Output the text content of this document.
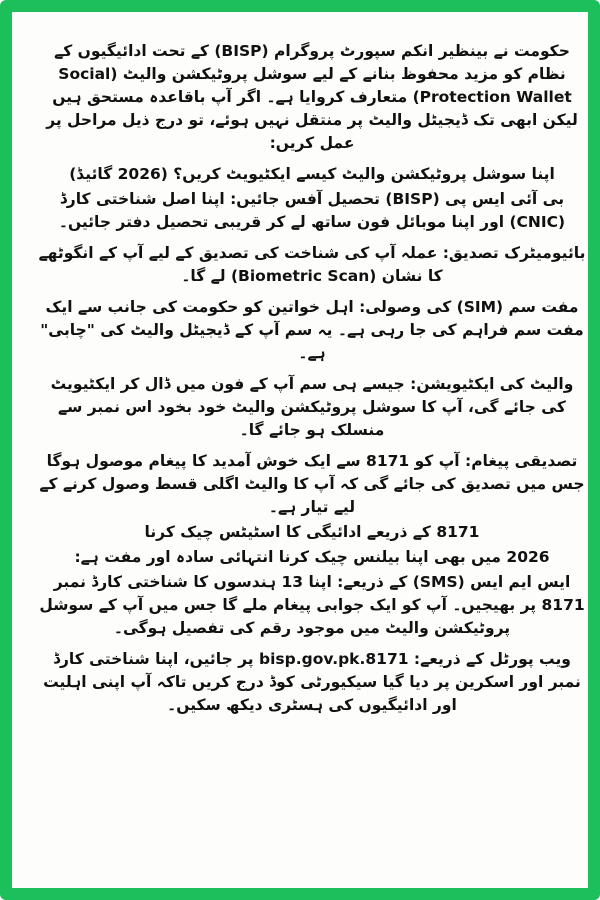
حکومت نے بینظیر انکم سپورٹ پروگرام (BISP) کے تحت ادائیگیوں کے نظام کو مزید محفوظ بنانے کے لیے سوشل پروٹیکشن والیٹ (Social Protection Wallet) متعارف کروایا ہے۔ اگر آپ باقاعدہ مستحق ہیں لیکن ابھی تک ڈیجیٹل والیٹ پر منتقل نہیں ہوئے، تو درج ذیل مراحل پر عمل کریں:

اپنا سوشل پروٹیکشن والیٹ کیسے ایکٹیویٹ کریں؟ (2026 گائیڈ)

بی آئی ایس پی (BISP) تحصیل آفس جائیں: اپنا اصل شناختی کارڈ (CNIC) اور اپنا موبائل فون ساتھ لے کر قریبی تحصیل دفتر جائیں۔

بائیومیٹرک تصدیق: عملہ آپ کی شناخت کی تصدیق کے لیے آپ کے انگوٹھے کا نشان (Biometric Scan) لے گا۔

مفت سم (SIM) کی وصولی: اہل خواتین کو حکومت کی جانب سے ایک مفت سم فراہم کی جا رہی ہے۔ یہ سم آپ کے ڈیجیٹل والیٹ کی "چابی" ہے۔

والیٹ کی ایکٹیویشن: جیسے ہی سم آپ کے فون میں ڈال کر ایکٹیویٹ کی جائے گی، آپ کا سوشل پروٹیکشن والیٹ خود بخود اس نمبر سے منسلک ہو جائے گا۔

تصدیقی پیغام: آپ کو 8171 سے ایک خوش آمدید کا پیغام موصول ہوگا جس میں تصدیق کی جائے گی کہ آپ کا والیٹ اگلی قسط وصول کرنے کے لیے تیار ہے۔

8171 کے ذریعے ادائیگی کا اسٹیٹس چیک کرنا

2026 میں بھی اپنا بیلنس چیک کرنا انتہائی سادہ اور مفت ہے:

ایس ایم ایس (SMS) کے ذریعے: اپنا 13 ہندسوں کا شناختی کارڈ نمبر 8171 پر بھیجیں۔ آپ کو ایک جوابی پیغام ملے گا جس میں آپ کے سوشل پروٹیکشن والیٹ میں موجود رقم کی تفصیل ہوگی۔

ویب پورٹل کے ذریعے: bisp.gov.pk.8171 پر جائیں، اپنا شناختی کارڈ نمبر اور اسکرین پر دیا گیا سیکیورٹی کوڈ درج کریں تاکہ آپ اپنی اہلیت اور ادائیگیوں کی ہسٹری دیکھ سکیں۔
